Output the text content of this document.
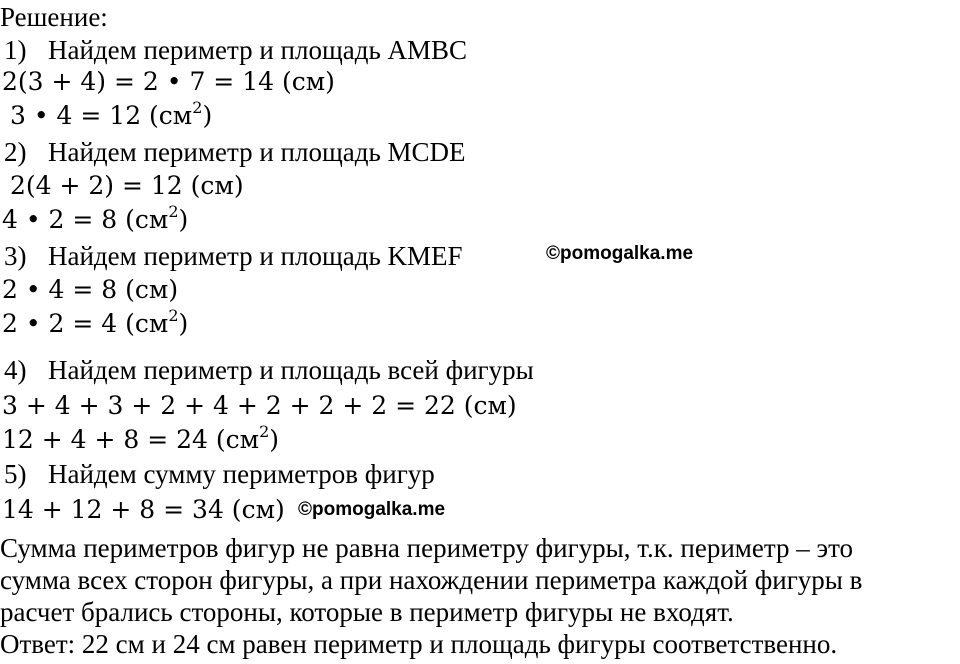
Решение:
1) Найдем периметр и площадь AMBC
2(3 + 4) = 2 • 7 = 14 (см)
3 • 4 = 12 $(см^2)$
2) Найдем периметр и площадь MCDE
2(4 + 2) = 12 (см)
4 • 2 = 8 $(см^2)$
3) Найдем периметр и площадь KMEF	©pomogalka.me
2 • 4 = 8 (см)
2 • 2 = 4 $(см^2)$
4) Найдем периметр и площадь всей фигуры
3 + 4 + 3 + 2 + 4 + 2 + 2 + 2 = 22 (см)
12 + 4 + 8 = 24 $(см^2)$
5) Найдем сумму периметров фигур
14 + 12 + 8 = 34 (см) ©pomogalka.me
Сумма периметров фигур не равна периметру фигуры, т.к. периметр – это
сумма всех сторон фигуры, а при нахождении периметра каждой фигуры в
расчет брались стороны, которые в периметр фигуры не входят.
Ответ: 22 см и 24 см равен периметр и площадь фигуры соответственно.
